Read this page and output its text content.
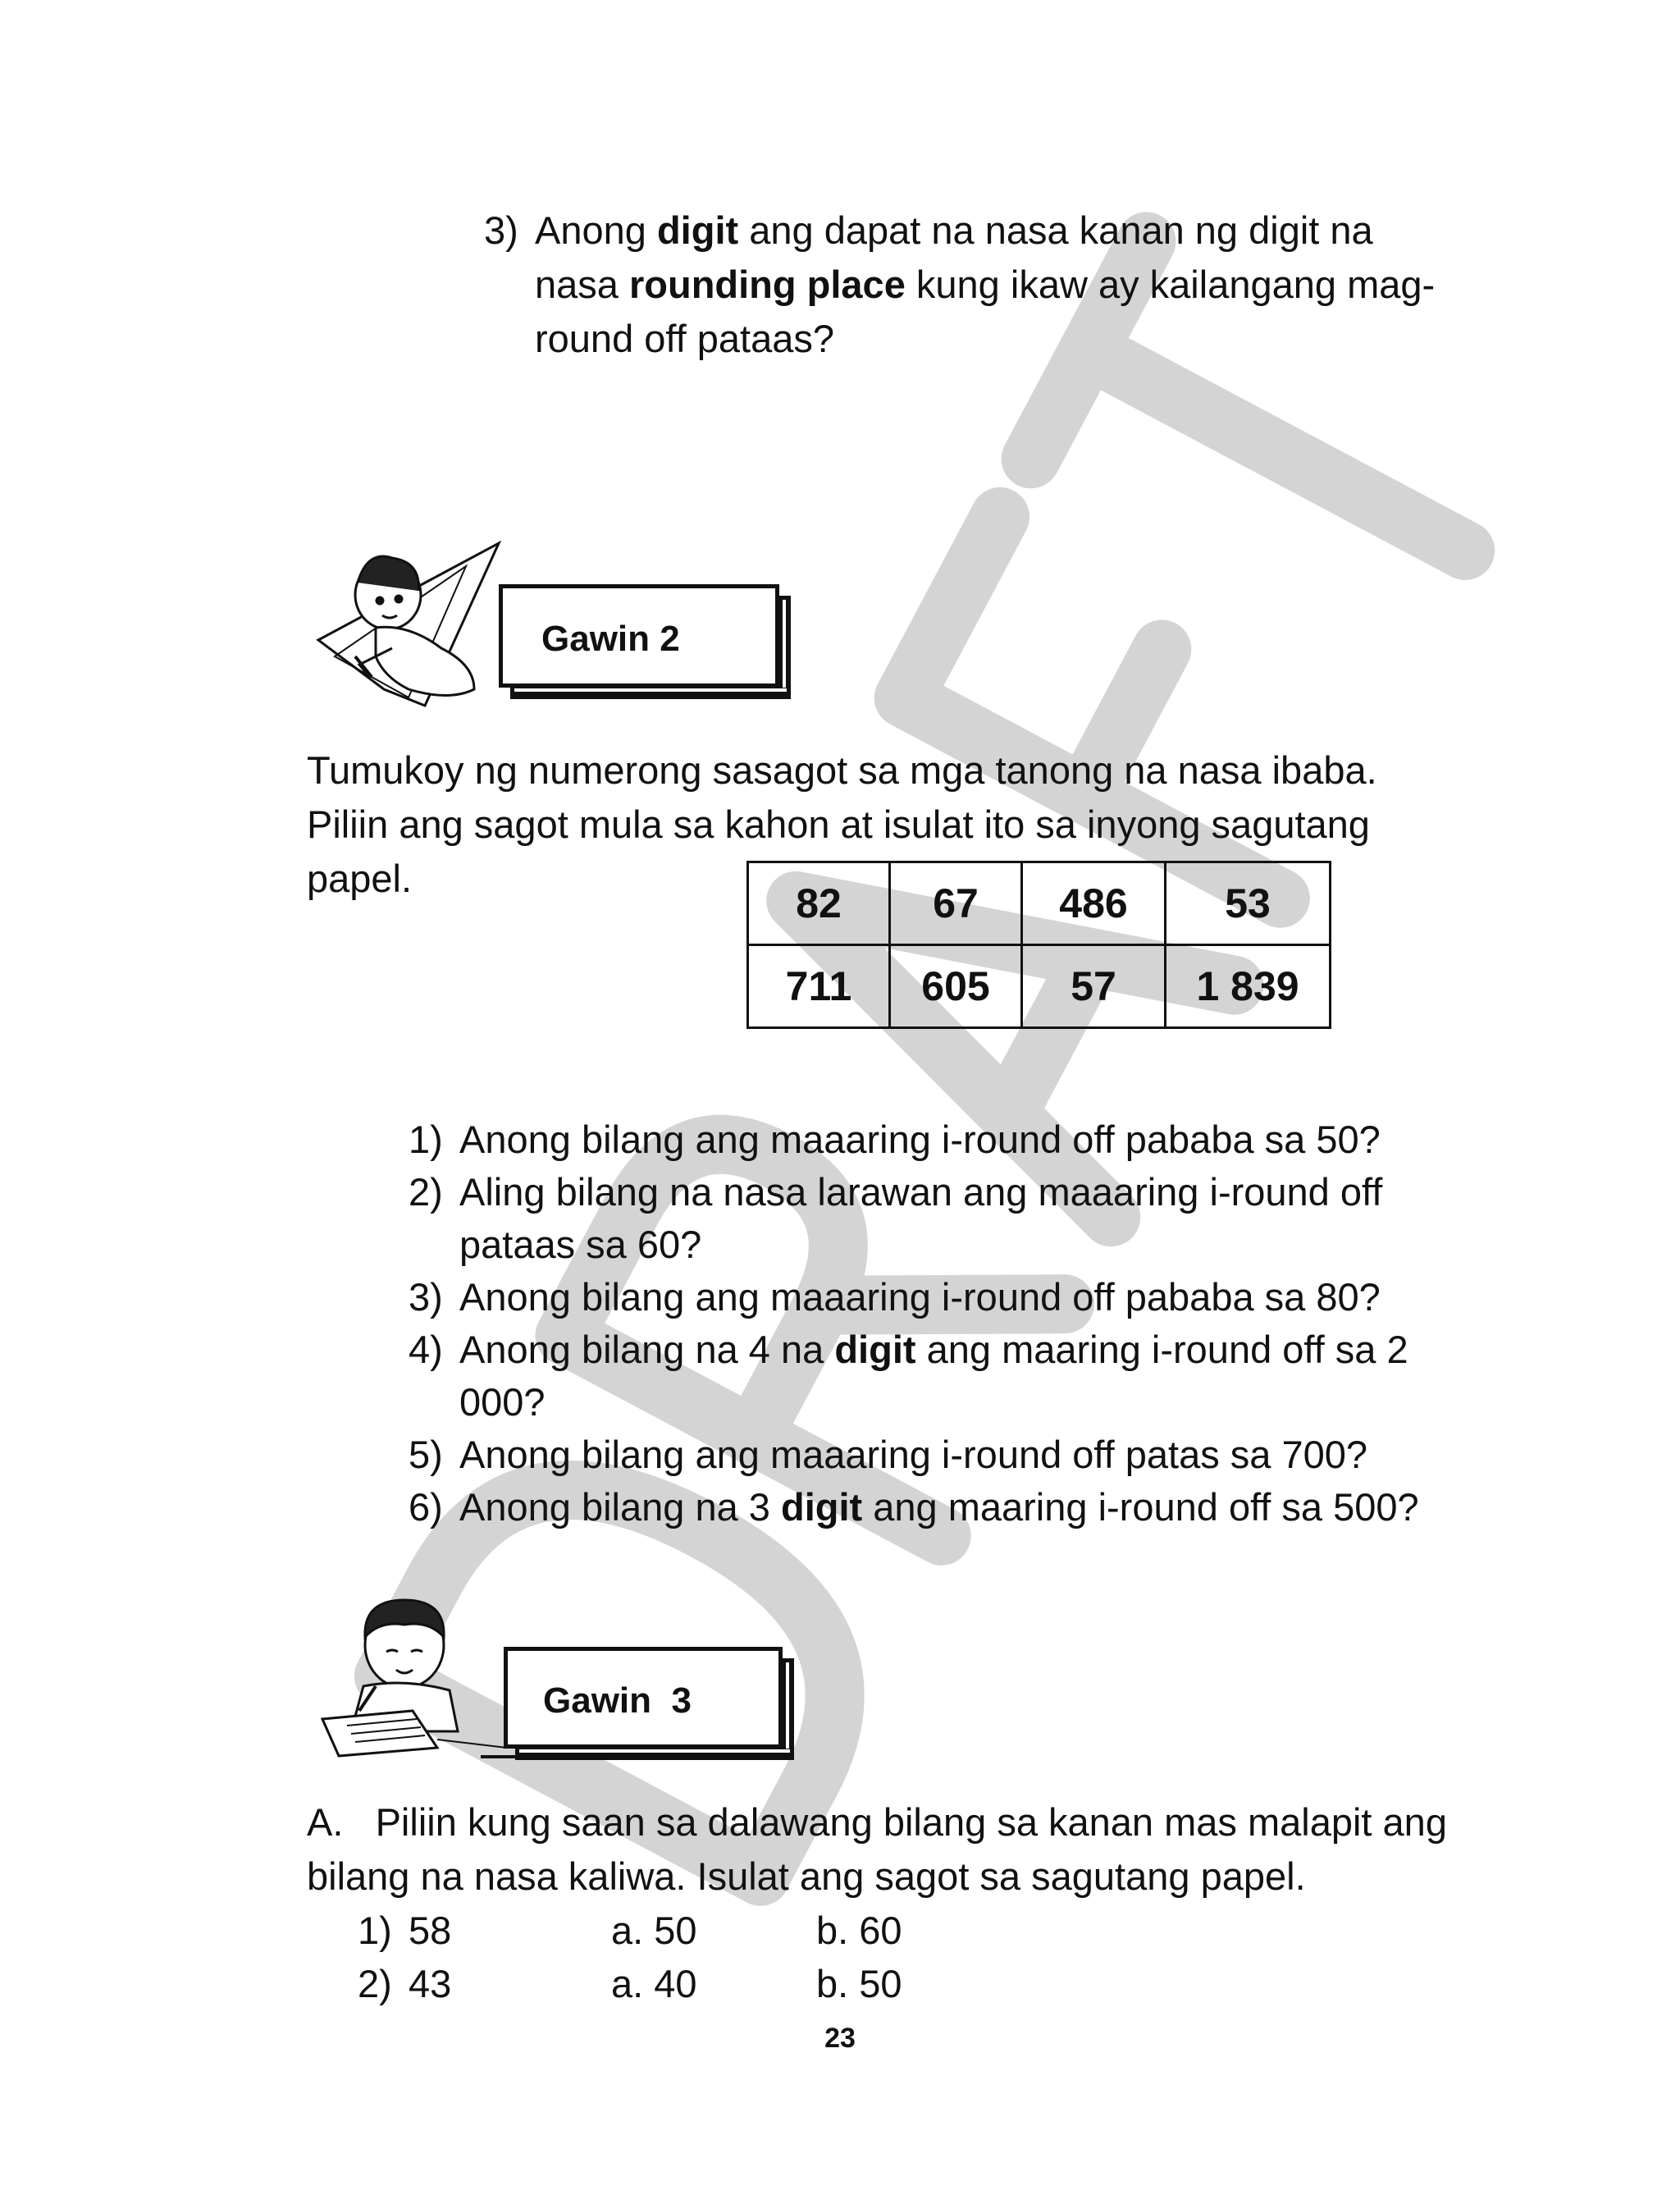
3) Anong digit ang dapat na nasa kanan ng digit na
nasa rounding place kung ikaw ay kailangang mag-
round off pataas?
Gawin 2
Tumukoy ng numerong sasagot sa mga tanong na nasa ibaba.
Piliin ang sagot mula sa kahon at isulat ito sa inyong sagutang
papel.
82	67	486	53
711	605	57	1 839
1) Anong bilang ang maaaring i-round off pababa sa 50?
2) Aling bilang na nasa larawan ang maaaring i-round off
pataas sa 60?
3) Anong bilang ang maaaring i-round off pababa sa 80?
4) Anong bilang na 4 na digit ang maaring i-round off sa 2
000?
5) Anong bilang ang maaaring i-round off patas sa 700?
6) Anong bilang na 3 digit ang maaring i-round off sa 500?
Gawin  3
A.   Piliin kung saan sa dalawang bilang sa kanan mas malapit ang
bilang na nasa kaliwa. Isulat ang sagot sa sagutang papel.
1) 58	a. 50	b. 60
2) 43	a. 40	b. 50
23
